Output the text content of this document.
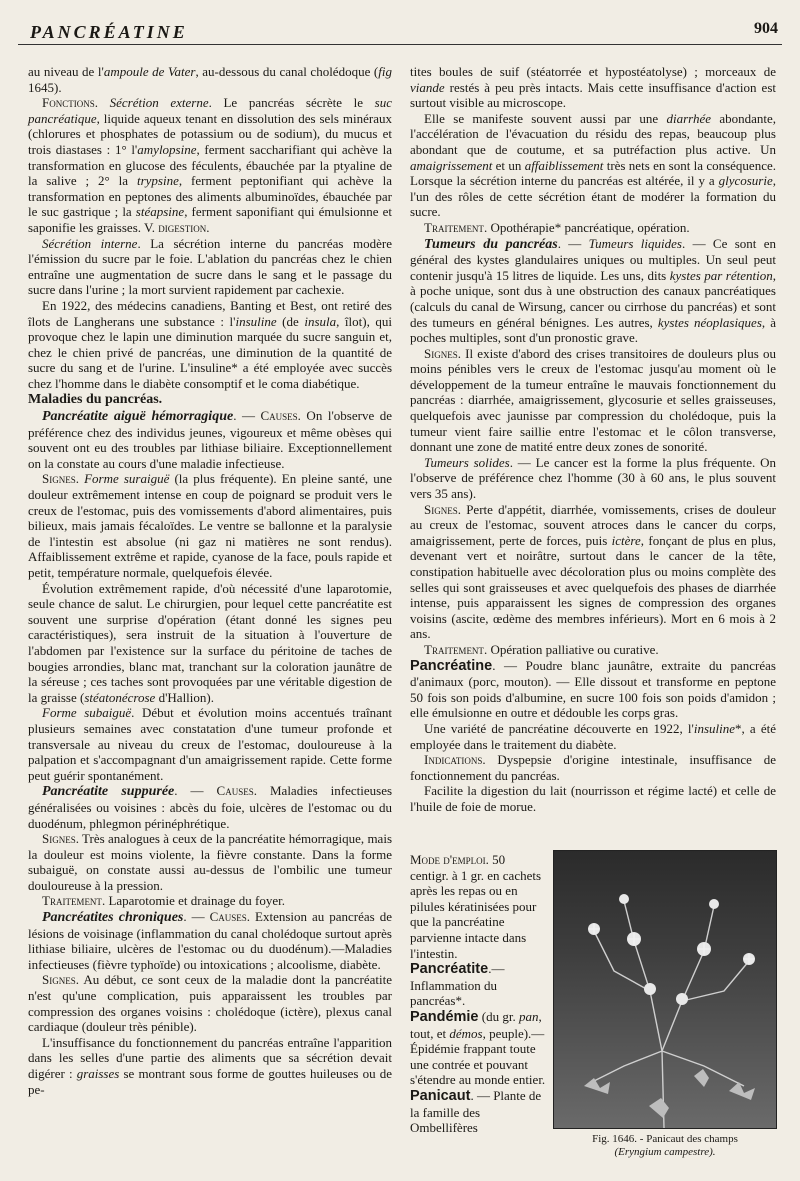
PANCRÉATINE	904

au niveau de l'ampoule de Vater, au-dessous du canal cholédoque (fig 1645).

Fonctions. Sécrétion externe. Le pancréas sécrète le suc pancréatique, liquide aqueux tenant en dissolution des sels minéraux (chlorures et phosphates de potassium ou de sodium), du mucus et trois diastases : 1° l'amylopsine, ferment saccharifiant qui achève la transformation en glucose des féculents, ébauchée par la ptyaline de la salive ; 2° la trypsine, ferment peptonifiant qui achève la transformation en peptones des aliments albuminoïdes, ébauchée par le suc gastrique ; la stéapsine, ferment saponifiant qui émulsionne et saponifie les graisses. V. digestion.

Sécrétion interne. La sécrétion interne du pancréas modère l'émission du sucre par le foie. L'ablation du pancréas chez le chien entraîne une augmentation de sucre dans le sang et le passage du sucre dans l'urine ; la mort survient rapidement par cachexie.

En 1922, des médecins canadiens, Banting et Best, ont retiré des îlots de Langherans une substance : l'insuline (de insula, îlot), qui provoque chez le lapin une diminution marquée du sucre sanguin et, chez le chien privé de pancréas, une diminution de la quantité de sucre du sang et de l'urine. L'insuline* a été employée avec succès chez l'homme dans le diabète consomptif et le coma diabétique.

Maladies du pancréas.

Pancréatite aiguë hémorragique. — Causes. On l'observe de préférence chez des individus jeunes, vigoureux et même obèses qui souvent ont eu des troubles par lithiase biliaire. Exceptionnellement on la constate au cours d'une maladie infectieuse.

Signes. Forme suraiguë (la plus fréquente). En pleine santé, une douleur extrêmement intense en coup de poignard se produit vers le creux de l'estomac, puis des vomissements d'abord alimentaires, puis bilieux, mais jamais fécaloïdes. Le ventre se ballonne et la paralysie de l'intestin est absolue (ni gaz ni matières ne sont rendus). Affaiblissement extrême et rapide, cyanose de la face, pouls rapide et petit, température normale, quelquefois élevée.

Évolution extrêmement rapide, d'où nécessité d'une laparotomie, seule chance de salut. Le chirurgien, pour lequel cette pancréatite est souvent une surprise d'opération (étant donné les signes peu caractéristiques), sera instruit de la situation à l'ouverture de l'abdomen par l'existence sur la surface du péritoine de taches de bougies arrondies, blanc mat, tranchant sur la coloration jaunâtre de la séreuse ; ces taches sont provoquées par une véritable digestion de la graisse (stéatonécrose d'Hallion).

Forme subaiguë. Début et évolution moins accentués traînant plusieurs semaines avec constatation d'une tumeur profonde et transversale au niveau du creux de l'estomac, douloureuse à la palpation et s'accompagnant d'un amaigrissement rapide. Cette forme peut guérir spontanément.

Pancréatite suppurée. — Causes. Maladies infectieuses généralisées ou voisines : abcès du foie, ulcères de l'estomac ou du duodénum, phlegmon périnéphrétique.

Signes. Très analogues à ceux de la pancréatite hémorragique, mais la douleur est moins violente, la fièvre constante. Dans la forme subaiguë, on constate aussi au-dessus de l'ombilic une tumeur douloureuse à la pression.

Traitement. Laparotomie et drainage du foyer.

Pancréatites chroniques. — Causes. Extension au pancréas de lésions de voisinage (inflammation du canal cholédoque surtout après lithiase biliaire, ulcères de l'estomac ou du duodénum).—Maladies infectieuses (fièvre typhoïde) ou intoxications ; alcoolisme, diabète.

Signes. Au début, ce sont ceux de la maladie dont la pancréatite n'est qu'une complication, puis apparaissent les troubles par compression des organes voisins : cholédoque (ictère), plexus canal cardiaque (douleur très pénible).

L'insuffisance du fonctionnement du pancréas entraîne l'apparition dans les selles d'une partie des aliments que sa sécrétion devait digérer : graisses se montrant sous forme de gouttes huileuses ou de pe-

tites boules de suif (stéatorrée et hypostéatolyse) ; morceaux de viande restés à peu près intacts. Mais cette insuffisance d'action est surtout visible au microscope.

Elle se manifeste souvent aussi par une diarrhée abondante, l'accélération de l'évacuation du résidu des repas, beaucoup plus abondant que de coutume, et sa putréfaction plus active. Un amaigrissement et un affaiblissement très nets en sont la conséquence. Lorsque la sécrétion interne du pancréas est altérée, il y a glycosurie, l'un des rôles de cette sécrétion étant de modérer la formation du sucre.

Traitement. Opothérapie* pancréatique, opération.

Tumeurs du pancréas. — Tumeurs liquides. — Ce sont en général des kystes glandulaires uniques ou multiples. Un seul peut contenir jusqu'à 15 litres de liquide. Les uns, dits kystes par rétention, à poche unique, sont dus à une obstruction des canaux pancréatiques (calculs du canal de Wirsung, cancer ou cirrhose du pancréas) et sont des tumeurs en général bénignes. Les autres, kystes néoplasiques, à poches multiples, sont d'un pronostic grave.

Signes. Il existe d'abord des crises transitoires de douleurs plus ou moins pénibles vers le creux de l'estomac jusqu'au moment où le développement de la tumeur entraîne le mauvais fonctionnement du pancréas : diarrhée, amaigrissement, glycosurie et selles graisseuses, quelquefois avec jaunisse par compression du cholédoque, puis la tumeur vient faire saillie entre l'estomac et le côlon transverse, donnant une zone de matité entre deux zones de sonorité.

Tumeurs solides. — Le cancer est la forme la plus fréquente. On l'observe de préférence chez l'homme (30 à 60 ans, le plus souvent vers 35 ans).

Signes. Perte d'appétit, diarrhée, vomissements, crises de douleur au creux de l'estomac, souvent atroces dans le cancer du corps, amaigrissement, perte de forces, puis ictère, fonçant de plus en plus, devenant vert et noirâtre, surtout dans le cancer de la tête, constipation habituelle avec décoloration plus ou moins complète des selles qui sont graisseuses et avec quelquefois des phases de diarrhée intense, puis apparaissent les signes de compression des organes voisins (ascite, œdème des membres inférieurs). Mort en 6 mois à 2 ans.

Traitement. Opération palliative ou curative.

Pancréatine. — Poudre blanc jaunâtre, extraite du pancréas d'animaux (porc, mouton). — Elle dissout et transforme en peptone 50 fois son poids d'albumine, en sucre 100 fois son poids d'amidon ; elle émulsionne en outre et dédouble les corps gras.

Une variété de pancréatine découverte en 1922, l'insuline*, a été employée dans le traitement du diabète.

Indications. Dyspepsie d'origine intestinale, insuffisance de fonctionnement du pancréas.

Facilite la digestion du lait (nourrisson et régime lacté) et celle de l'huile de foie de morue.

Mode d'emploi. 50 centigr. à 1 gr. en cachets après les repas ou en pilules kératinisées pour que la pancréatine parvienne intacte dans l'intestin.

Pancréatite.— Inflammation du pancréas*.

Pandémie (du gr. pan, tout, et démos, peuple).—Épidémie frappant toute une contrée et pouvant s'étendre au monde entier.

Panicaut. — Plante de la famille des Ombellifères

Fig. 1646. - Panicaut des champs
(Eryngium campestre).
